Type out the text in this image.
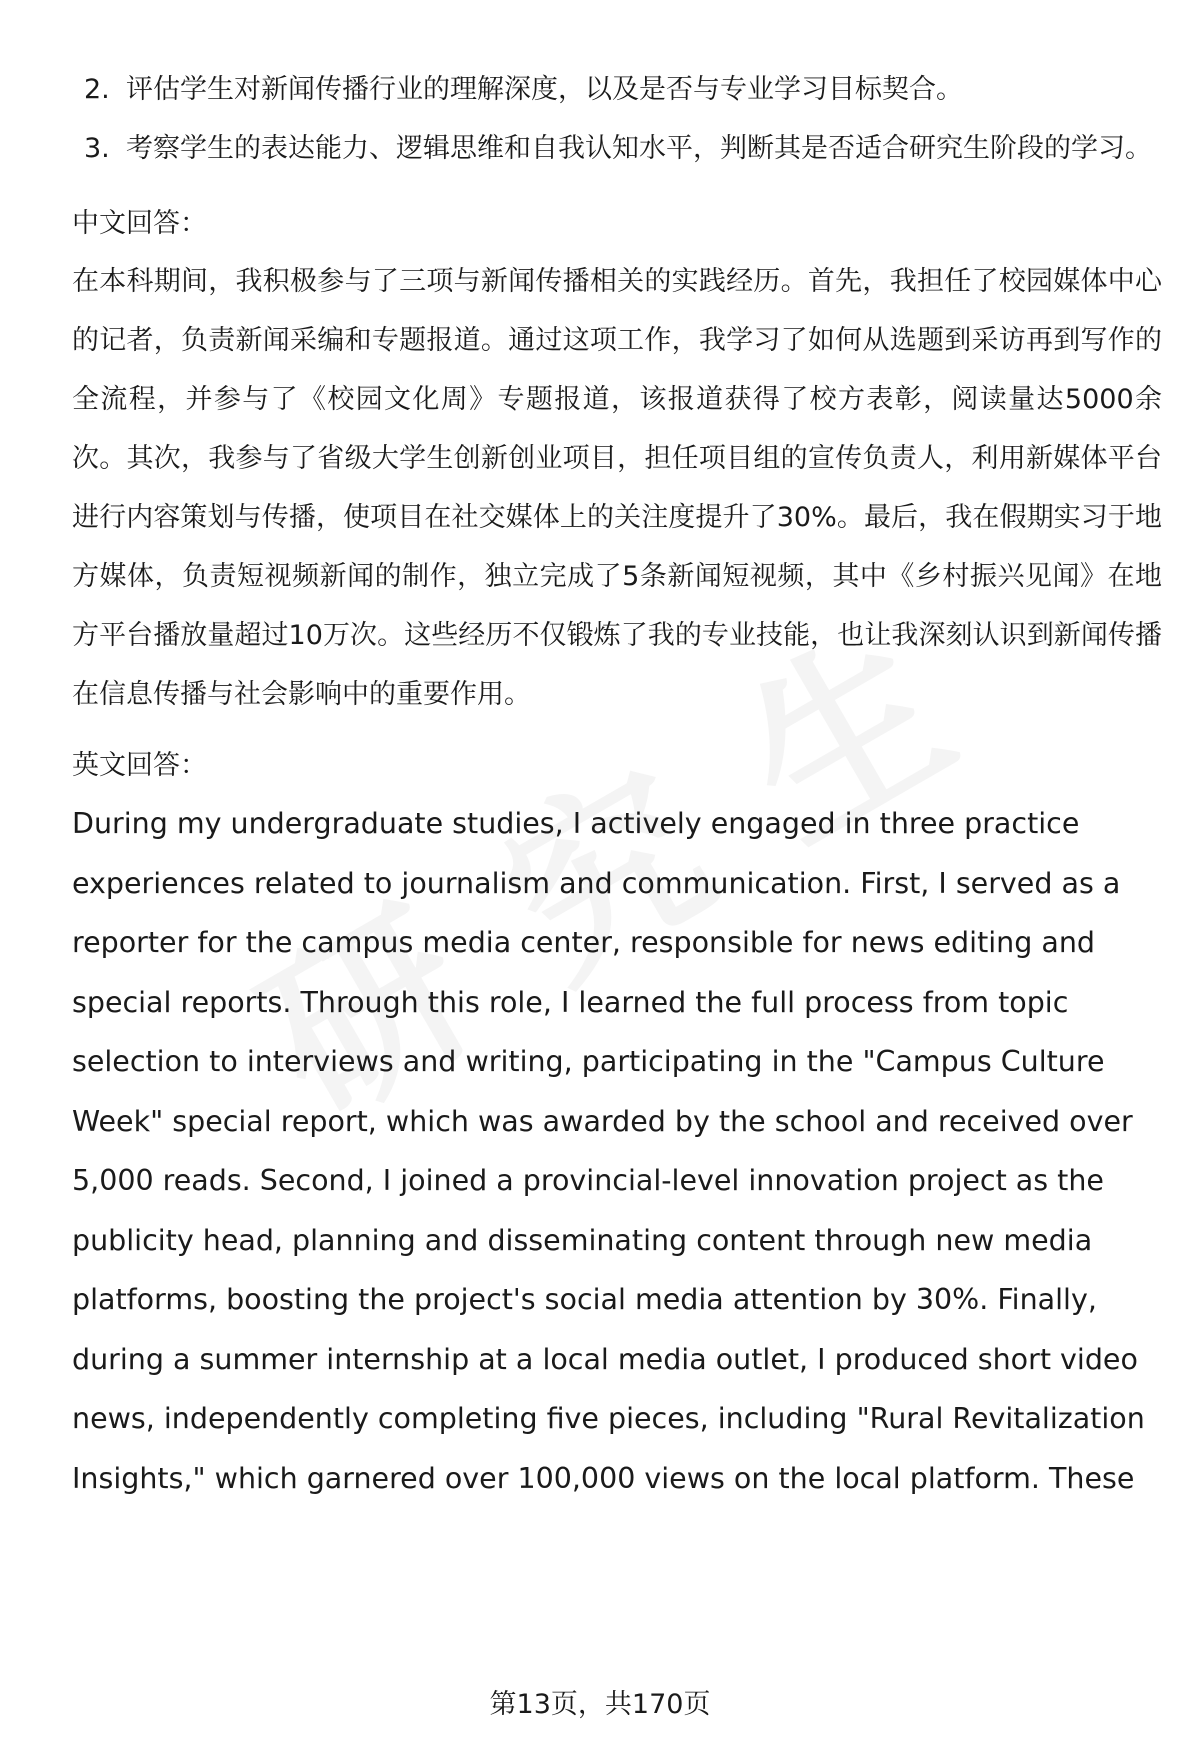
2. 评估学生对新闻传播行业的理解深度，以及是否与专业学习目标契合。
3. 考察学生的表达能力、逻辑思维和自我认知水平，判断其是否适合研究生阶段的学习。
中文回答：
在本科期间，我积极参与了三项与新闻传播相关的实践经历。首先，我担任了校园媒体中心的记者，负责新闻采编和专题报道。通过这项工作，我学习了如何从选题到采访再到写作的全流程，并参与了《校园文化周》专题报道，该报道获得了校方表彰，阅读量达5000余次。其次，我参与了省级大学生创新创业项目，担任项目组的宣传负责人，利用新媒体平台进行内容策划与传播，使项目在社交媒体上的关注度提升了30%。最后，我在假期实习于地方媒体，负责短视频新闻的制作，独立完成了5条新闻短视频，其中《乡村振兴见闻》在地方平台播放量超过10万次。这些经历不仅锻炼了我的专业技能，也让我深刻认识到新闻传播在信息传播与社会影响中的重要作用。
英文回答：
During my undergraduate studies, I actively engaged in three practice experiences related to journalism and communication. First, I served as a reporter for the campus media center, responsible for news editing and special reports. Through this role, I learned the full process from topic selection to interviews and writing, participating in the "Campus Culture Week" special report, which was awarded by the school and received over 5,000 reads. Second, I joined a provincial-level innovation project as the publicity head, planning and disseminating content through new media platforms, boosting the project's social media attention by 30%. Finally, during a summer internship at a local media outlet, I produced short video news, independently completing five pieces, including "Rural Revitalization Insights," which garnered over 100,000 views on the local platform. These
第13页，共170页
